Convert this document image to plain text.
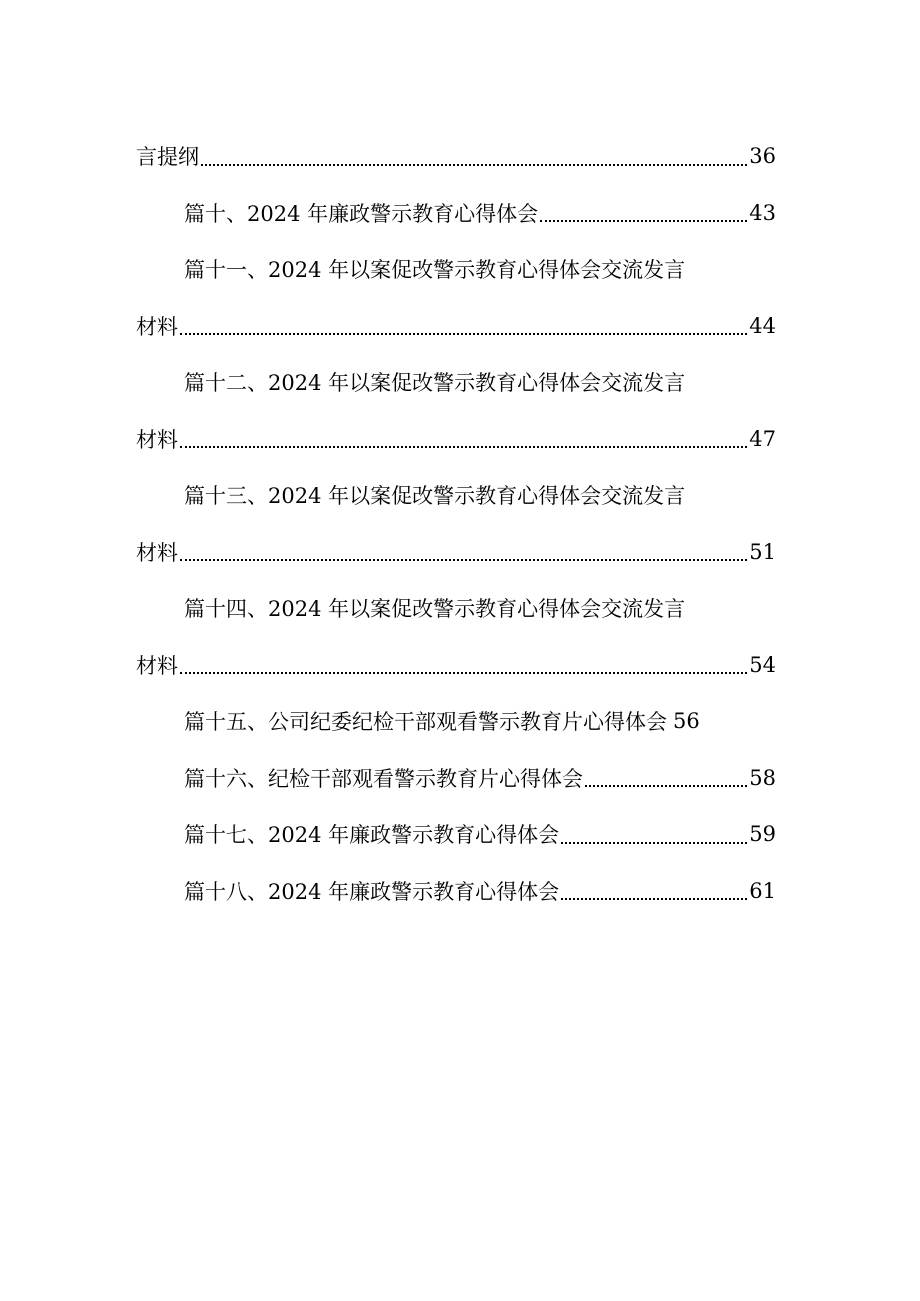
言提纲	36
篇十、2024 年廉政警示教育心得体会	43
篇十一、2024 年以案促改警示教育心得体会交流发言
材料	44
篇十二、2024 年以案促改警示教育心得体会交流发言
材料	47
篇十三、2024 年以案促改警示教育心得体会交流发言
材料	51
篇十四、2024 年以案促改警示教育心得体会交流发言
材料	54
篇十五、公司纪委纪检干部观看警示教育片心得体会 56
篇十六、纪检干部观看警示教育片心得体会	58
篇十七、2024 年廉政警示教育心得体会	59
篇十八、2024 年廉政警示教育心得体会	61
